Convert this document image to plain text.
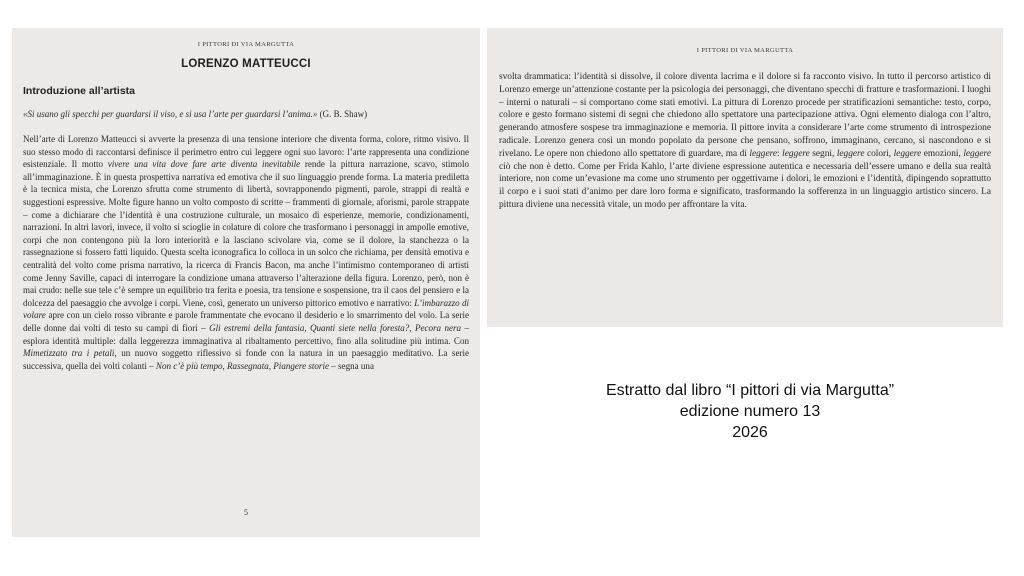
I PITTORI DI VIA MARGUTTA
LORENZO MATTEUCCI
Introduzione all’artista
«Si usano gli specchi per guardarsi il viso, e si usa l’arte per guardarsi l’anima.» (G. B. Shaw)
Nell’arte di Lorenzo Matteucci si avverte la presenza di una tensione interiore che diventa forma, colore, ritmo visivo. Il suo stesso modo di raccontarsi definisce il perimetro entro cui leggere ogni suo lavoro: l’arte rappresenta una condizione esistenziale. Il motto vivere una vita dove fare arte diventa inevitabile rende la pittura narrazione, scavo, stimolo all’immaginazione. È in questa prospettiva narrativa ed emotiva che il suo linguaggio prende forma. La materia prediletta è la tecnica mista, che Lorenzo sfrutta come strumento di libertà, sovrapponendo pigmenti, parole, strappi di realtà e suggestioni espressive. Molte figure hanno un volto composto di scritte – frammenti di giornale, aforismi, parole strappate – come a dichiarare che l’identità è una costruzione culturale, un mosaico di esperienze, memorie, condizionamenti, narrazioni. In altri lavori, invece, il volto si scioglie in colature di colore che trasformano i personaggi in ampolle emotive, corpi che non contengono più la loro interiorità e la lasciano scivolare via, come se il dolore, la stanchezza o la rassegnazione si fossero fatti liquido. Questa scelta iconografica lo colloca in un solco che richiama, per densità emotiva e centralità del volto come prisma narrativo, la ricerca di Francis Bacon, ma anche l’intimismo contemporaneo di artisti come Jenny Saville, capaci di interrogare la condizione umana attraverso l’alterazione della figura. Lorenzo, però, non è mai crudo: nelle sue tele c’è sempre un equilibrio tra ferita e poesia, tra tensione e sospensione, tra il caos del pensiero e la dolcezza del paesaggio che avvolge i corpi. Viene, così, generato un universo pittorico emotivo e narrativo: L’imbarazzo di volare apre con un cielo rosso vibrante e parole frammentate che evocano il desiderio e lo smarrimento del volo. La serie delle donne dai volti di testo su campi di fiori – Gli estremi della fantasia, Quanti siete nella foresta?, Pecora nera – esplora identità multiple: dalla leggerezza immaginativa al ribaltamento percettivo, fino alla solitudine più intima. Con Mimetizzato tra i petali, un nuovo soggetto riflessivo si fonde con la natura in un paesaggio meditativo. La serie successiva, quella dei volti colanti – Non c’è più tempo, Rassegnata, Piangere storie – segna una
5
I PITTORI DI VIA MARGUTTA
svolta drammatica: l’identità si dissolve, il colore diventa lacrima e il dolore si fa racconto visivo. In tutto il percorso artistico di Lorenzo emerge un’attenzione costante per la psicologia dei personaggi, che diventano specchi di fratture e trasformazioni. I luoghi – interni o naturali – si comportano come stati emotivi. La pittura di Lorenzo procede per stratificazioni semantiche: testo, corpo, colore e gesto formano sistemi di segni che chiedono allo spettatore una partecipazione attiva. Ogni elemento dialoga con l’altro, generando atmosfere sospese tra immaginazione e memoria. Il pittore invita a considerare l’arte come strumento di introspezione radicale. Lorenzo genera così un mondo popolato da persone che pensano, soffrono, immaginano, cercano, si nascondono e si rivelano. Le opere non chiedono allo spettatore di guardare, ma di leggere: leggere segni, leggere colori, leggere emozioni, leggere ciò che non è detto. Come per Frida Kahlo, l’arte diviene espressione autentica e necessaria dell’essere umano e della sua realtà interiore, non come un’evasione ma come uno strumento per oggettivarne i dolori, le emozioni e l’identità, dipingendo soprattutto il corpo e i suoi stati d’animo per dare loro forma e significato, trasformando la sofferenza in un linguaggio artistico sincero. La pittura diviene una necessità vitale, un modo per affrontare la vita.
Estratto dal libro “I pittori di via Margutta”
edizione numero 13
2026
